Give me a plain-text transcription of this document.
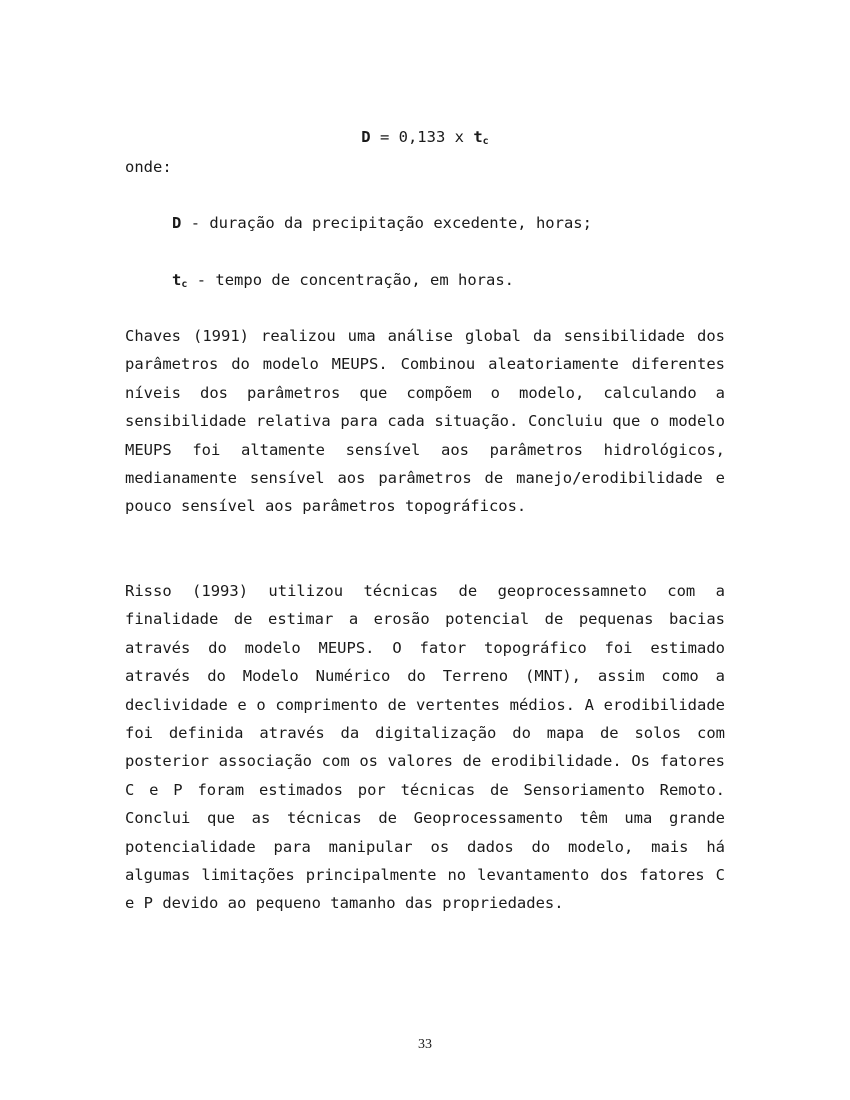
D = 0,133 x $t_c$
onde:
D - duração da precipitação excedente, horas;
$t_c$ - tempo de concentração, em horas.
Chaves (1991) realizou uma análise global da sensibilidade dos parâmetros do modelo MEUPS. Combinou aleatoriamente diferentes níveis dos parâmetros que compõem o modelo, calculando a sensibilidade relativa para cada situação. Concluiu que o modelo MEUPS foi altamente sensível aos parâmetros hidrológicos, medianamente sensível aos parâmetros de manejo/erodibilidade e pouco sensível aos parâmetros topográficos.
Risso (1993) utilizou técnicas de geoprocessamneto com a finalidade de estimar a erosão potencial de pequenas bacias através do modelo MEUPS. O fator topográfico foi estimado através do Modelo Numérico do Terreno (MNT), assim como a declividade e o comprimento de vertentes médios. A erodibilidade foi definida através da digitalização do mapa de solos com posterior associação com os valores de erodibilidade. Os fatores C e P foram estimados por técnicas de Sensoriamento Remoto. Conclui que as técnicas de Geoprocessamento têm uma grande potencialidade para manipular os dados do modelo, mais há algumas limitações principalmente no levantamento dos fatores C e P devido ao pequeno tamanho das propriedades.
33
